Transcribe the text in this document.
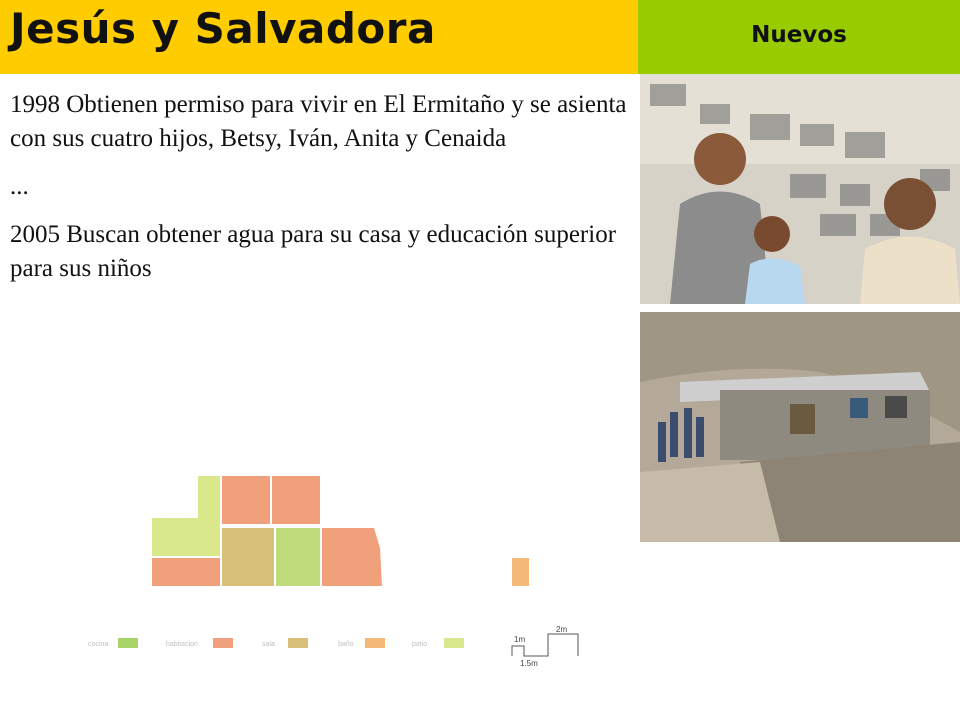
Jesús y Salvadora	Nuevos

1998 Obtienen permiso para vivir en El Ermitaño y se asienta con sus cuatro hijos, Betsy, Iván, Anita y Cenaida

...

2005 Buscan obtener agua para su casa y educación superior para sus niños

cocina	habitacion	sala	baño	patio
2m
1m
1.5m
